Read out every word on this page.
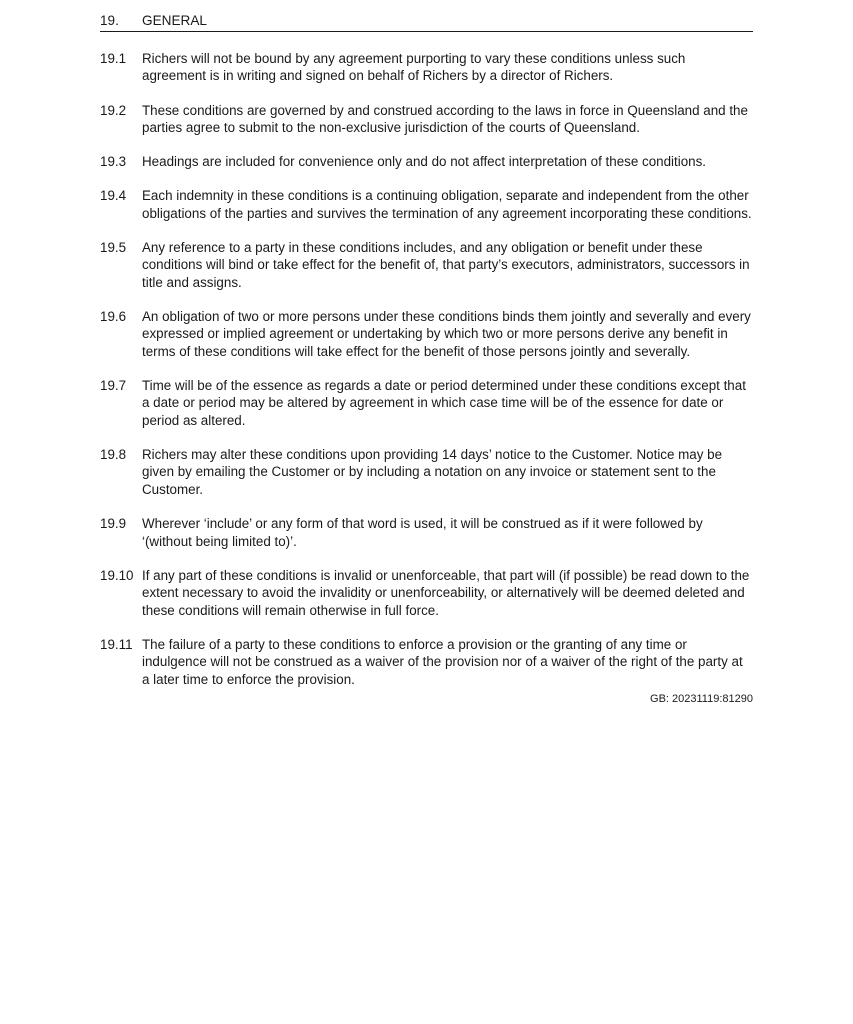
19.	GENERAL
19.1	Richers will not be bound by any agreement purporting to vary these conditions unless such agreement is in writing and signed on behalf of Richers by a director of Richers.
19.2	These conditions are governed by and construed according to the laws in force in Queensland and the parties agree to submit to the non-exclusive jurisdiction of the courts of Queensland.
19.3	Headings are included for convenience only and do not affect interpretation of these conditions.
19.4	Each indemnity in these conditions is a continuing obligation, separate and independent from the other obligations of the parties and survives the termination of any agreement incorporating these conditions.
19.5	Any reference to a party in these conditions includes, and any obligation or benefit under these conditions will bind or take effect for the benefit of, that party’s executors, administrators, successors in title and assigns.
19.6	An obligation of two or more persons under these conditions binds them jointly and severally and every expressed or implied agreement or undertaking by which two or more persons derive any benefit in terms of these conditions will take effect for the benefit of those persons jointly and severally.
19.7	Time will be of the essence as regards a date or period determined under these conditions except that a date or period may be altered by agreement in which case time will be of the essence for date or period as altered.
19.8	Richers may alter these conditions upon providing 14 days’ notice to the Customer. Notice may be given by emailing the Customer or by including a notation on any invoice or statement sent to the Customer.
19.9	Wherever ‘include’ or any form of that word is used, it will be construed as if it were followed by ‘(without being limited to)’.
19.10 If any part of these conditions is invalid or unenforceable, that part will (if possible) be read down to the extent necessary to avoid the invalidity or unenforceability, or alternatively will be deemed deleted and these conditions will remain otherwise in full force.
19.11 The failure of a party to these conditions to enforce a provision or the granting of any time or indulgence will not be construed as a waiver of the provision nor of a waiver of the right of the party at a later time to enforce the provision.
GB: 20231119:81290
